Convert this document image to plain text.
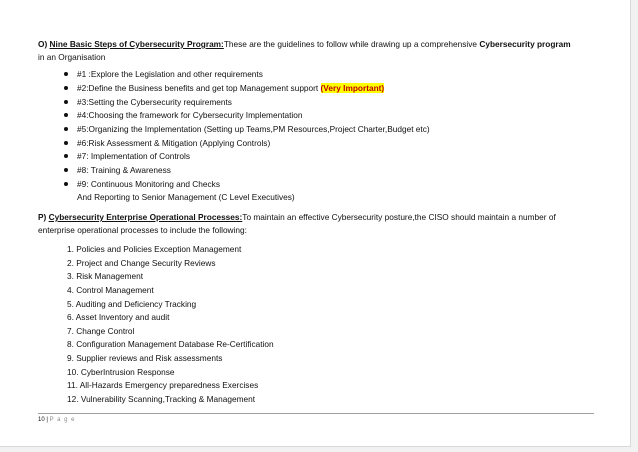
O) Nine Basic Steps of Cybersecurity Program:These are the guidelines to follow while drawing up a comprehensive Cybersecurity program
in an Organisation

#1 :Explore the Legislation and other requirements
#2:Define the Business benefits and get top Management support (Very Important)
#3:Setting the Cybersecurity requirements
#4:Choosing the framework for Cybersecurity Implementation
#5:Organizing the Implementation (Setting up Teams,PM Resources,Project Charter,Budget etc)
#6:Risk Assessment & Mitigation (Applying Controls)
#7: Implementation of Controls
#8: Training & Awareness
#9: Continuous Monitoring and Checks
And Reporting to Senior Management (C Level Executives)

P) Cybersecurity Enterprise Operational Processes:To maintain an effective Cybersecurity posture,the CISO should maintain a number of
enterprise operational processes to include the following:

1. Policies and Policies Exception Management
2. Project and Change Security Reviews
3. Risk Management
4. Control Management
5. Auditing and Deficiency Tracking
6. Asset Inventory and audit
7. Change Control
8. Configuration Management Database Re-Certification
9. Supplier reviews and Risk assessments
10. CyberIntrusion Response
11. All-Hazards Emergency preparedness Exercises
12. Vulnerability Scanning,Tracking & Management
10 | P a g e
